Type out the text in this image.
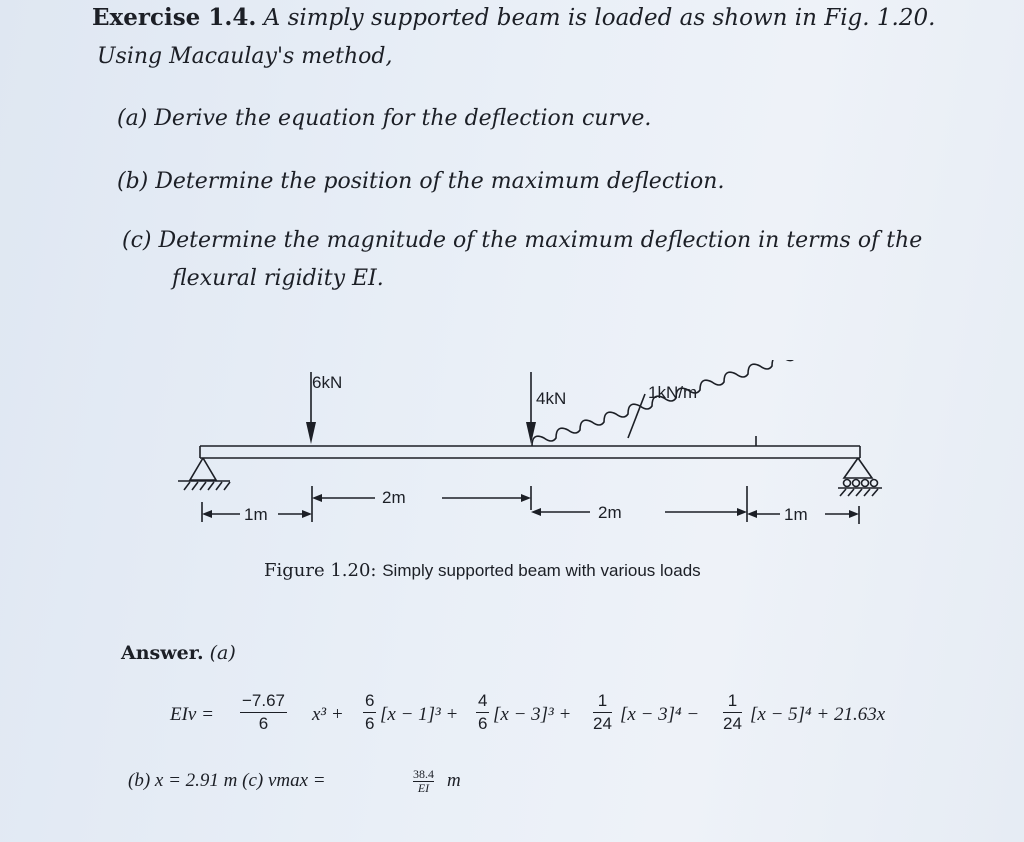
Exercise 1.4. A simply supported beam is loaded as shown in Fig. 1.20.
Using Macaulay's method,
(a) Derive the equation for the deflection curve.
(b) Determine the position of the maximum deflection.
(c) Determine the magnitude of the maximum deflection in terms of the
flexural rigidity EI.
6kN
4kN	1kN/m
1m
2m
2m	1m
Figure 1.20: Simply supported beam with various loads
Answer. (a)
EIv = $\frac{-7.67}{6} x^3 + \frac{6}{6} [x - 1]^3 + \frac{4}{6} [x - 3]^3 + \frac{1}{24} [x - 3]^4 - \frac{1}{24} [x - 5]^4 + 21.63x$
(b) x = 2.91 m (c) vmax =	$\frac{38.4}{EI}$ m
